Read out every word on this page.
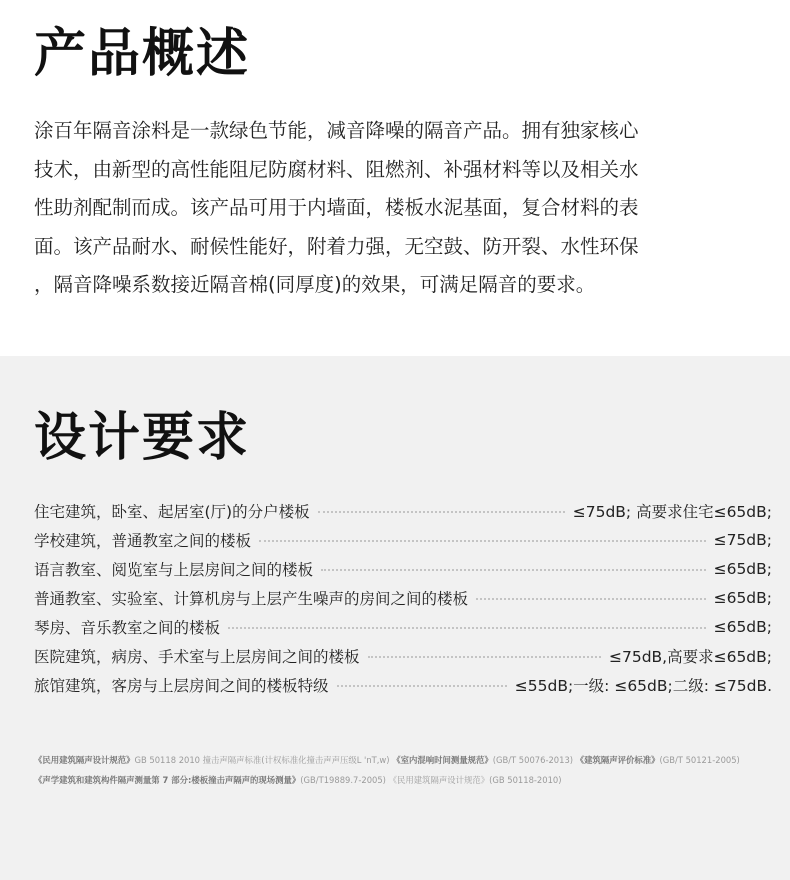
产品概述
涂百年隔音涂料是一款绿色节能，减音降噪的隔音产品。拥有独家核心
技术，由新型的高性能阻尼防腐材料、阻燃剂、补强材料等以及相关水
性助剂配制而成。该产品可用于内墙面，楼板水泥基面，复合材料的表
面。该产品耐水、耐候性能好，附着力强，无空鼓、防开裂、水性环保
，隔音降噪系数接近隔音棉(同厚度)的效果，可满足隔音的要求。
设计要求
住宅建筑，卧室、起居室(厅)的分户楼板	≤75dB; 高要求住宅≤65dB;
学校建筑，普通教室之间的楼板	≤75dB;
语言教室、阅览室与上层房间之间的楼板	≤65dB;
普通教室、实验室、计算机房与上层产生噪声的房间之间的楼板	≤65dB;
琴房、音乐教室之间的楼板	≤65dB;
医院建筑，病房、手术室与上层房间之间的楼板	≤75dB,高要求≤65dB;
旅馆建筑，客房与上层房间之间的楼板特级	≤55dB;一级: ≤65dB;二级: ≤75dB.
《民用建筑隔声设计规范》GB 50118 2010 撞击声隔声标准(计权标准化撞击声声压级L 'nT,w) 《室内混响时间测量规范》(GB/T 50076-2013) 《建筑隔声评价标准》(GB/T 50121-2005)
《声学建筑和建筑构件隔声测量第 7 部分:楼板撞击声隔声的现场测量》(GB/T19889.7-2005) 《民用建筑隔声设计规范》(GB 50118-2010)
